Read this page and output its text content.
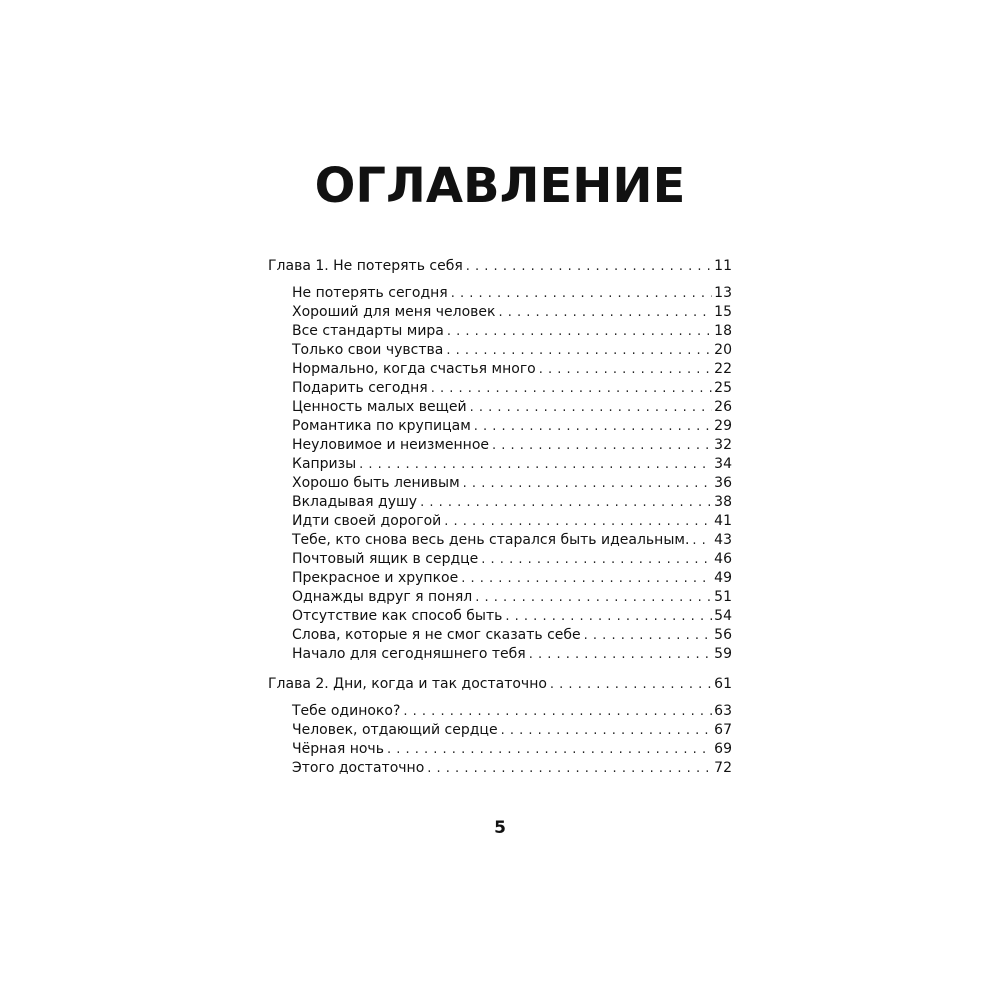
ОГЛАВЛЕНИЕ
Глава 1. Не потерять себя . . .	11
Не потерять сегодня . . .	13
Хороший для меня человек . . .	15
Все стандарты мира . . .	18
Только свои чувства . . .	20
Нормально, когда счастья много . . .	22
Подарить сегодня . . .	25
Ценность малых вещей . . .	26
Романтика по крупицам . . .	29
Неуловимое и неизменное . . .	32
Капризы . . .	34
Хорошо быть ленивым . . .	36
Вкладывая душу . . .	38
Идти своей дорогой . . .	41
Тебе, кто снова весь день старался быть идеальным. . . . 43
Почтовый ящик в сердце . . .	46
Прекрасное и хрупкое . . .	49
Однажды вдруг я понял . . .	51
Отсутствие как способ быть . . .	54
Слова, которые я не смог сказать себе . . .	56
Начало для сегодняшнего тебя . . .	59
Глава 2. Дни, когда и так достаточно . . .	61
Тебе одиноко? . . .	63
Человек, отдающий сердце . . .	67
Чёрная ночь . . .	69
Этого достаточно . . .	72
5
